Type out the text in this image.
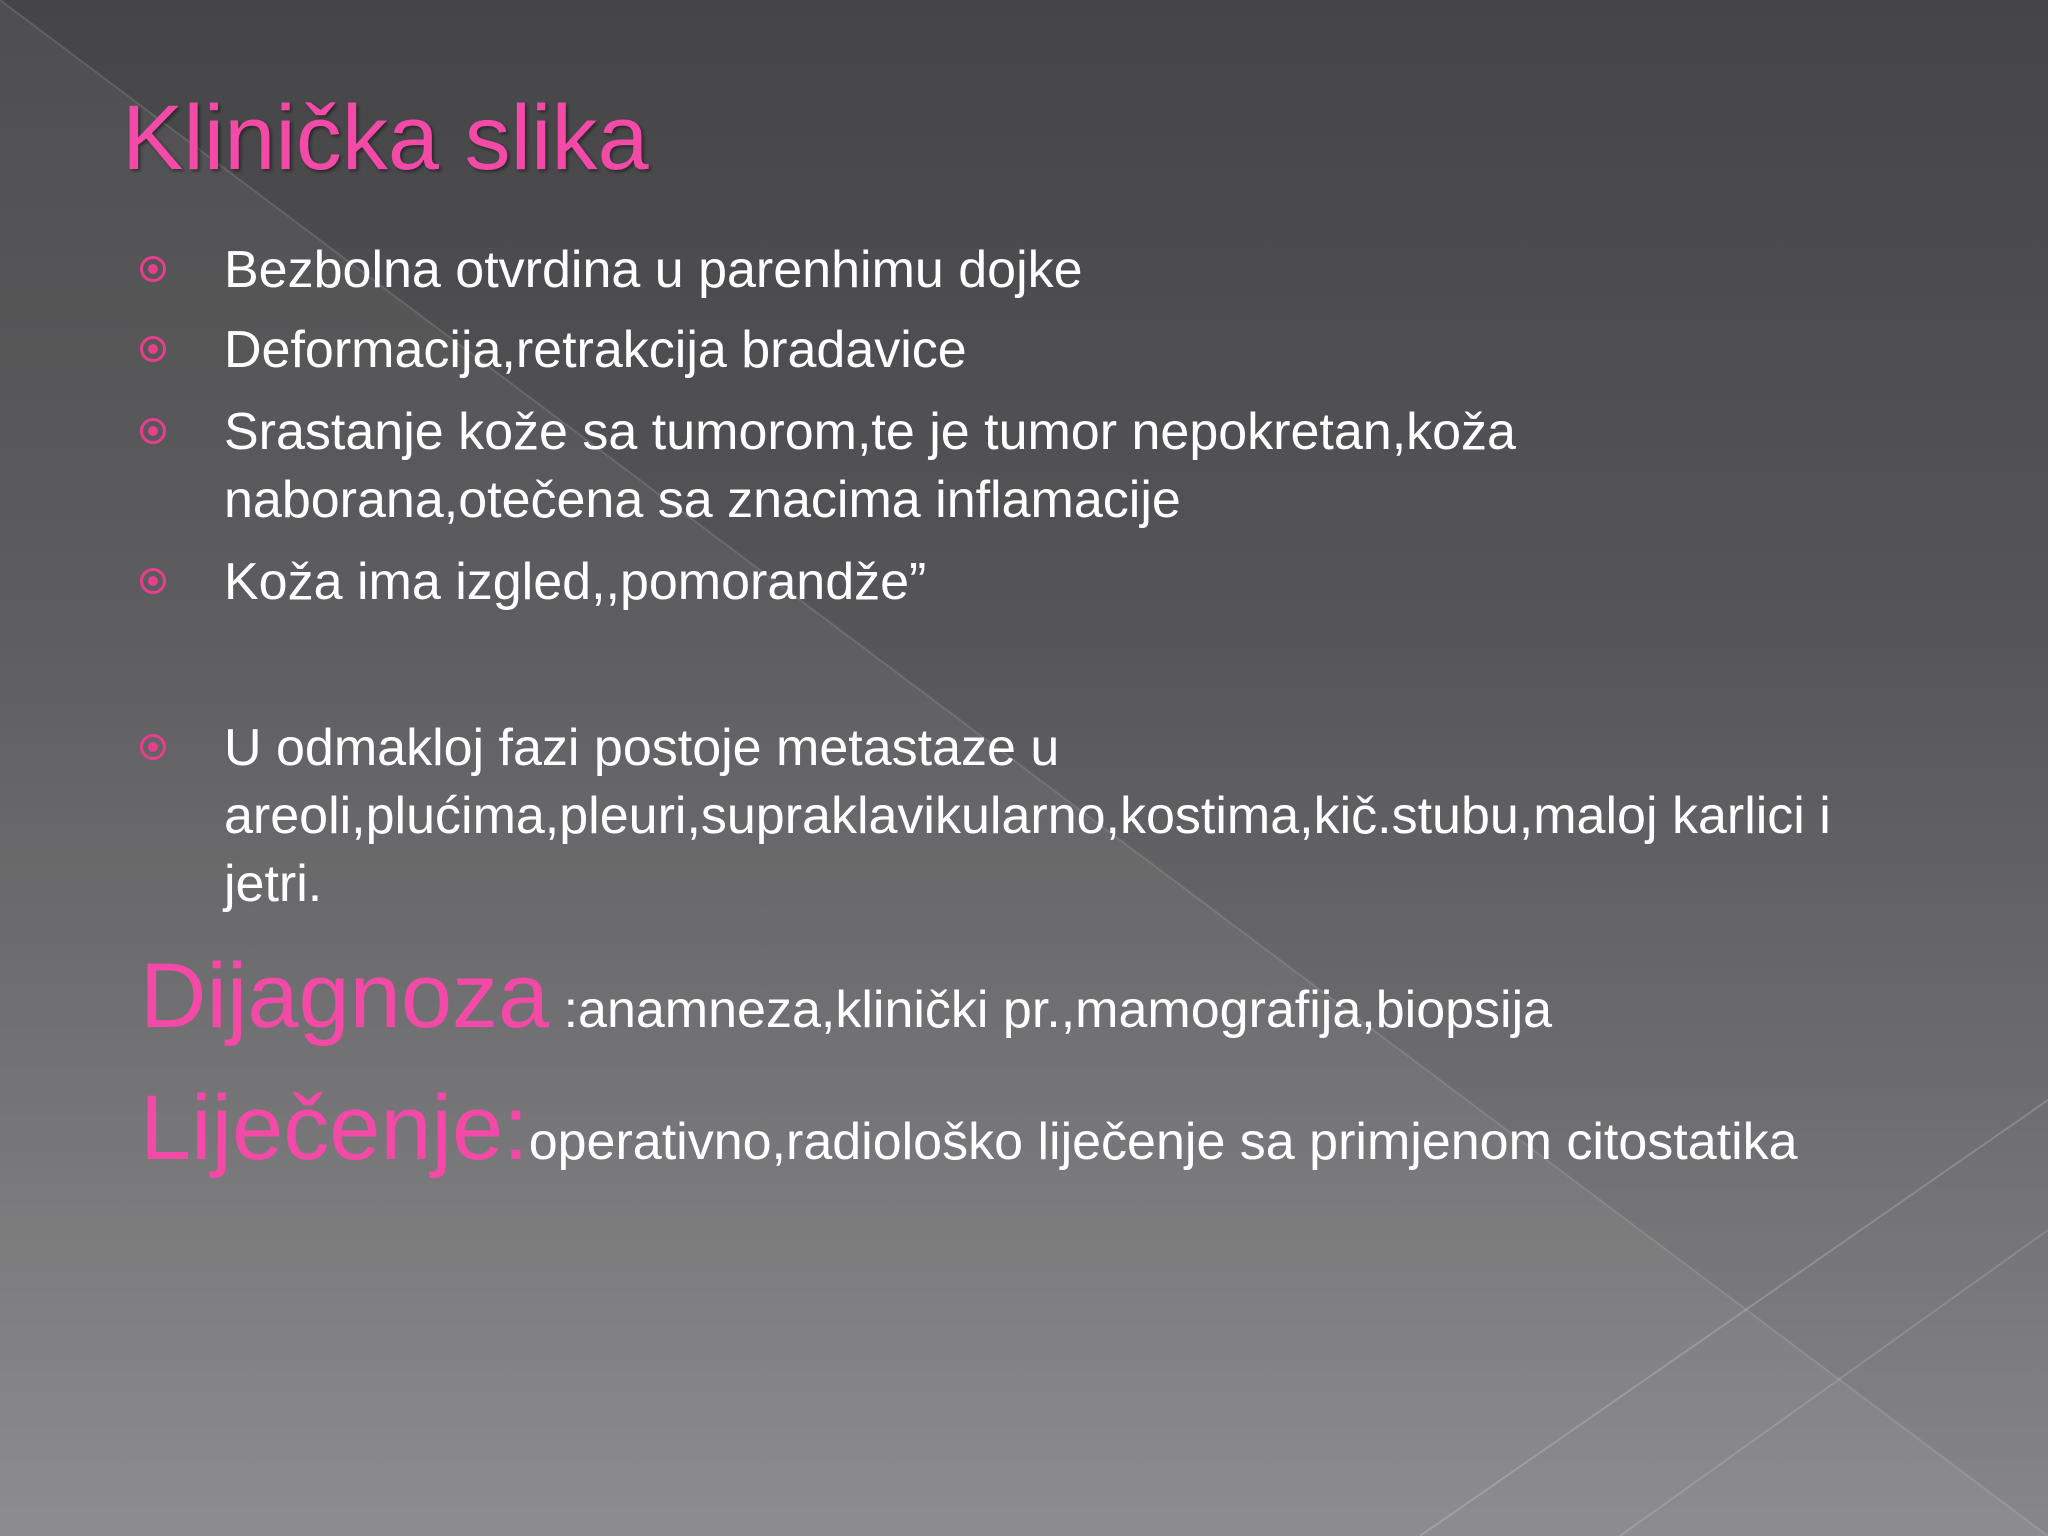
Klinička slika
Bezbolna otvrdina u parenhimu dojke
Deformacija,retrakcija bradavice
Srastanje kože sa tumorom,te je tumor nepokretan,koža naborana,otečena sa znacima inflamacije
Koža ima izgled,,pomorandže”
U odmakloj fazi postoje metastaze u areoli,plućima,pleuri,supraklavikularno,kostima,kič.stubu,maloj karlici i jetri.
Dijagnoza :anamneza,klinički pr.,mamografija,biopsija
Liječenje:operativno,radiološko liječenje sa primjenom citostatika
